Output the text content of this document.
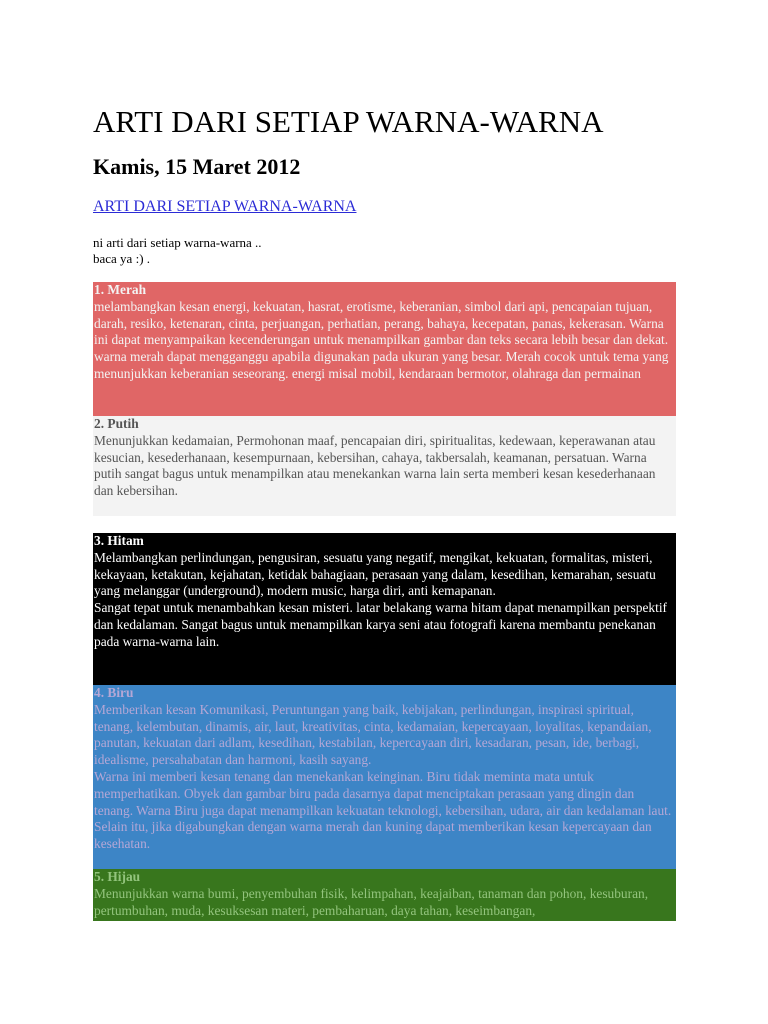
ARTI DARI SETIAP WARNA-WARNA
Kamis, 15 Maret 2012
ARTI DARI SETIAP WARNA-WARNA
ni arti dari setiap warna-warna ..
baca ya :) .
1. Merah

melambangkan kesan energi, kekuatan, hasrat, erotisme, keberanian, simbol dari api, pencapaian tujuan, darah, resiko, ketenaran, cinta, perjuangan, perhatian, perang, bahaya, kecepatan, panas, kekerasan. Warna ini dapat menyampaikan kecenderungan untuk menampilkan gambar dan teks secara lebih besar dan dekat. warna merah dapat mengganggu apabila digunakan pada ukuran yang besar. Merah cocok untuk tema yang menunjukkan keberanian seseorang. energi misal mobil, kendaraan bermotor, olahraga dan permainan

2. Putih

Menunjukkan kedamaian, Permohonan maaf, pencapaian diri, spiritualitas, kedewaan, keperawanan atau kesucian, kesederhanaan, kesempurnaan, kebersihan, cahaya, takbersalah, keamanan, persatuan. Warna putih sangat bagus untuk menampilkan atau menekankan warna lain serta memberi kesan kesederhanaan dan kebersihan.

3. Hitam

Melambangkan perlindungan, pengusiran, sesuatu yang negatif, mengikat, kekuatan, formalitas, misteri, kekayaan, ketakutan, kejahatan, ketidak bahagiaan, perasaan yang dalam, kesedihan, kemarahan, sesuatu yang melanggar (underground), modern music, harga diri, anti kemapanan.

Sangat tepat untuk menambahkan kesan misteri. latar belakang warna hitam dapat menampilkan perspektif dan kedalaman. Sangat bagus untuk menampilkan karya seni atau fotografi karena membantu penekanan pada warna-warna lain.

4. Biru

Memberikan kesan Komunikasi, Peruntungan yang baik, kebijakan, perlindungan, inspirasi spiritual, tenang, kelembutan, dinamis, air, laut, kreativitas, cinta, kedamaian, kepercayaan, loyalitas, kepandaian, panutan, kekuatan dari adlam, kesedihan, kestabilan, kepercayaan diri, kesadaran, pesan, ide, berbagi, idealisme, persahabatan dan harmoni, kasih sayang.

Warna ini memberi kesan tenang dan menekankan keinginan. Biru tidak meminta mata untuk memperhatikan. Obyek dan gambar biru pada dasarnya dapat menciptakan perasaan yang dingin dan tenang. Warna Biru juga dapat menampilkan kekuatan teknologi, kebersihan, udara, air dan kedalaman laut. Selain itu, jika digabungkan dengan warna merah dan kuning dapat memberikan kesan kepercayaan dan kesehatan.

5. Hijau

Menunjukkan warna bumi, penyembuhan fisik, kelimpahan, keajaiban, tanaman dan pohon, kesuburan, pertumbuhan, muda, kesuksesan materi, pembaharuan, daya tahan, keseimbangan,
